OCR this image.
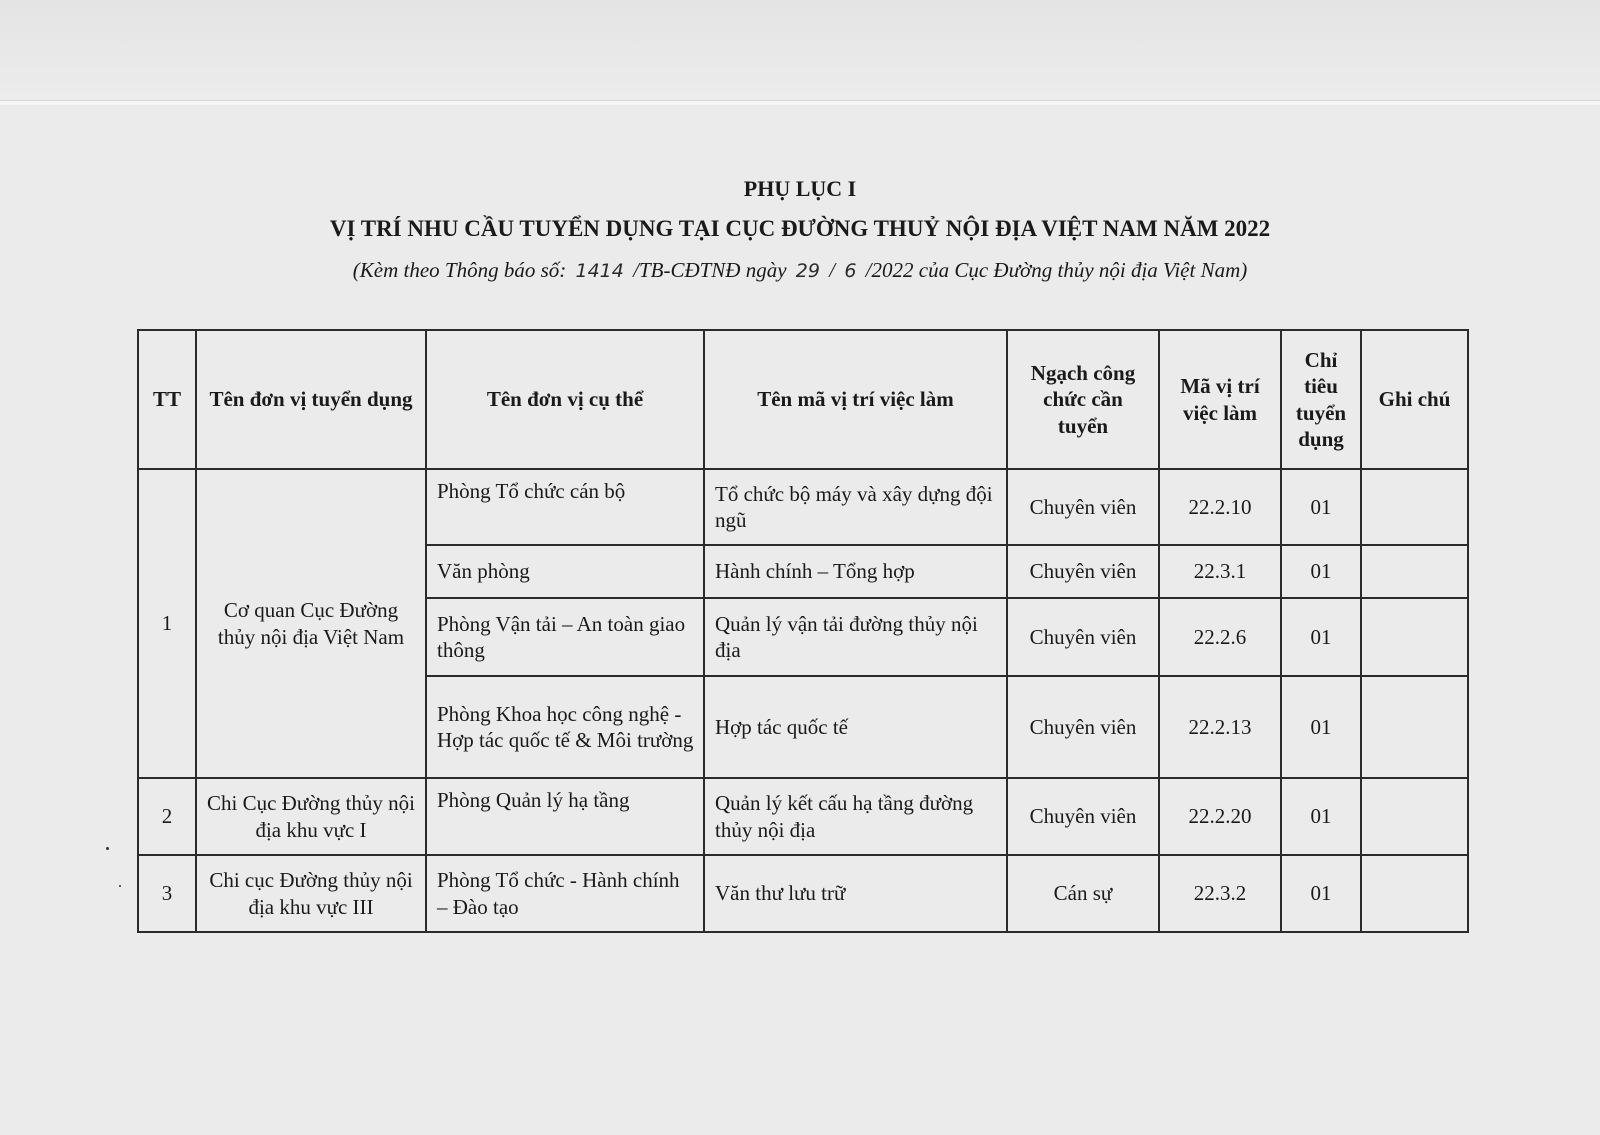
PHỤ LỤC I
VỊ TRÍ NHU CẦU TUYỂN DỤNG TẠI CỤC ĐƯỜNG THUỶ NỘI ĐỊA VIỆT NAM NĂM 2022
(Kèm theo Thông báo số: 1414 /TB-CĐTNĐ ngày 29 / 6 /2022 của Cục Đường thủy nội địa Việt Nam)
TT	Tên đơn vị tuyển dụng	Tên đơn vị cụ thể	Tên mã vị trí việc làm	Ngạch công chức cần tuyển	Mã vị trí việc làm	Chỉ tiêu tuyển dụng	Ghi chú
1	Cơ quan Cục Đường thủy nội địa Việt Nam	Phòng Tổ chức cán bộ	Tổ chức bộ máy và xây dựng đội ngũ	Chuyên viên	22.2.10	01	
		Văn phòng	Hành chính – Tổng hợp	Chuyên viên	22.3.1	01	
		Phòng Vận tải – An toàn giao thông	Quản lý vận tải đường thủy nội địa	Chuyên viên	22.2.6	01	
		Phòng Khoa học công nghệ - Hợp tác quốc tế & Môi trường	Hợp tác quốc tế	Chuyên viên	22.2.13	01	
2	Chi Cục Đường thủy nội địa khu vực I	Phòng Quản lý hạ tầng	Quản lý kết cấu hạ tầng đường thủy nội địa	Chuyên viên	22.2.20	01	
3	Chi cục Đường thủy nội địa khu vực III	Phòng Tổ chức - Hành chính – Đào tạo	Văn thư lưu trữ	Cán sự	22.3.2	01	
